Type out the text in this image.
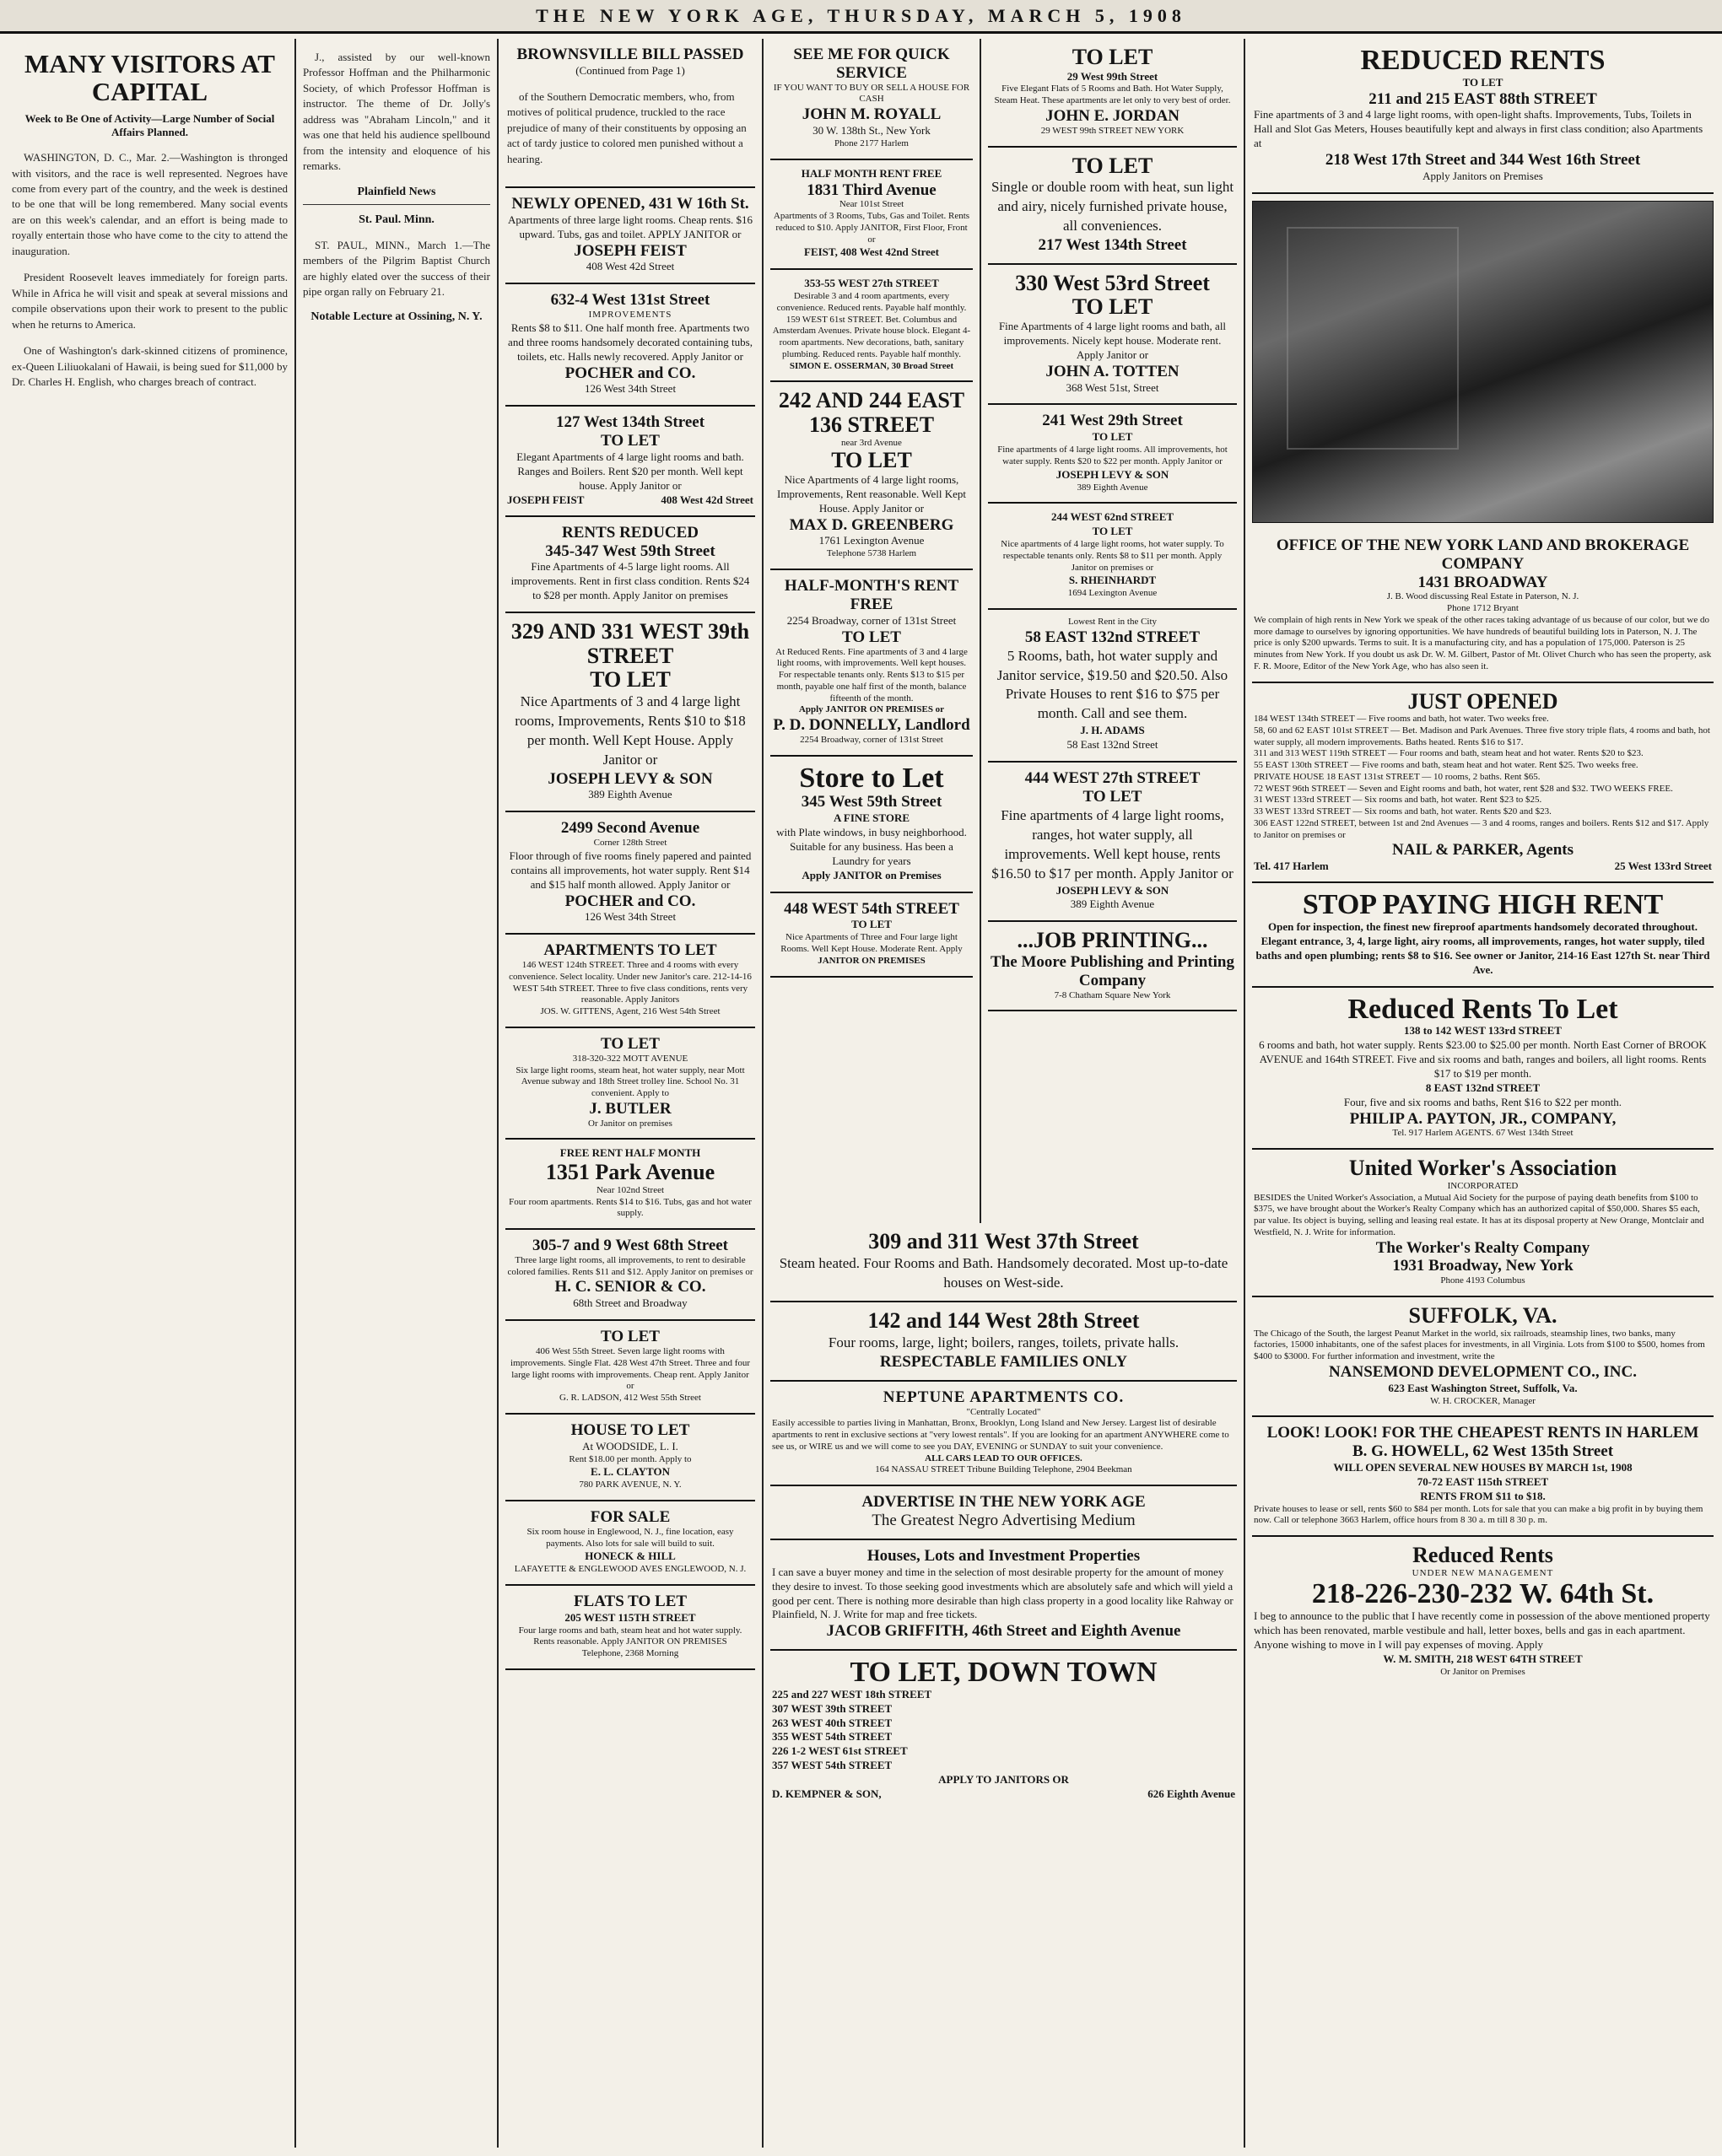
THE NEW YORK AGE, THURSDAY, MARCH 5, 1908
MANY VISITORS AT CAPITAL
Week to Be One of Activity—Large Number of Social Affairs Planned.

WASHINGTON, D. C., Mar. 2.—Washington is thronged with visitors, and the race is well represented. Negroes have come from every part of the country, and the week is destined to be one that will be long remembered. Many social events are on this week's calendar, and an effort is being made to royally entertain those who have come to the city to attend the inauguration.

President Roosevelt leaves immediately for foreign parts. While in Africa he will visit and speak at several missions and compile observations upon their work to present to the public when he returns to America.

One of Washington's dark-skinned citizens of prominence, ex-Queen Liliuokalani of Hawaii, is being sued for $11,000 by Dr. Charles H. English, who charges breach of contract.

J., assisted by our well-known Professor Hoffman and the Philharmonic Society, of which Professor Hoffman is instructor. The theme of Dr. Jolly's address was "Abraham Lincoln," and it was one that held his audience spellbound from the intensity and eloquence of his remarks.

Plainfield News
St. Paul. Minn.

ST. PAUL, MINN., March 1.—The members of the Pilgrim Baptist Church are highly elated over the success of their pipe organ rally on February 21.

Notable Lecture at Ossining, N. Y.
BROWNSVILLE BILL PASSED
(Continued from Page 1)

of the Southern Democratic members, who, from motives of political prudence, truckled to the race prejudice of many of their constituents by opposing an act of tardy justice to colored men punished without a hearing.

NEWLY OPENED, 431 W 16th St.
Apartments of three large light rooms. Cheap rents. $16 upward. Tubs, gas and toilet. APPLY JANITOR or
JOSEPH FEIST
408 West 42d Street
632-4 West 131st Street
IMPROVEMENTS
Rents $8 to $11. One half month free. Apartments two and three rooms handsomely decorated containing tubs, toilets, etc. Halls newly recovered. Apply Janitor or
POCHER and CO.
126 West 34th Street
127 West 134th Street
TO LET
Elegant Apartments of 4 large light rooms and bath. Ranges and Boilers. Rent $20 per month. Well kept house. Apply Janitor or
JOSEPH FEIST	408 West 42d Street
RENTS REDUCED
345-347 West 59th Street
Fine Apartments of 4-5 large light rooms. All improvements. Rent in first class condition. Rents $24 to $28 per month. Apply Janitor on premises
329 AND 331 WEST 39th STREET
TO LET
Nice Apartments of 3 and 4 large light rooms, Improvements, Rents $10 to $18 per month. Well Kept House. Apply Janitor or
JOSEPH LEVY & SON
389 Eighth Avenue
2499 Second Avenue
Corner 128th Street
Floor through of five rooms finely papered and painted contains all improvements, hot water supply. Rent $14 and $15 half month allowed. Apply Janitor or
POCHER and CO.
126 West 34th Street
APARTMENTS TO LET
146 WEST 124th STREET. Three and 4 rooms with every convenience. Select locality. Under new Janitor's care. 212-14-16 WEST 54th STREET. Three to five class conditions, rents very reasonable. Apply Janitors
JOS. W. GITTENS, Agent, 216 West 54th Street
TO LET
318-320-322 MOTT AVENUE
Six large light rooms, steam heat, hot water supply, near Mott Avenue subway and 18th Street trolley line. School No. 31 convenient. Apply to
J. BUTLER
Or Janitor on premises
FREE RENT HALF MONTH
1351 Park Avenue
Near 102nd Street
Four room apartments. Rents $14 to $16. Tubs, gas and hot water supply.
305-7 and 9 West 68th Street
Three large light rooms, all improvements, to rent to desirable colored families. Rents $11 and $12. Apply Janitor on premises or
H. C. SENIOR & CO.
68th Street and Broadway
TO LET
406 West 55th Street. Seven large light rooms with improvements. Single Flat. 428 West 47th Street. Three and four large light rooms with improvements. Cheap rent. Apply Janitor or
G. R. LADSON, 412 West 55th Street
HOUSE TO LET
At WOODSIDE, L. I.
Rent $18.00 per month. Apply to
E. L. CLAYTON
780 PARK AVENUE, N. Y.
FOR SALE
Six room house in Englewood, N. J., fine location, easy payments. Also lots for sale will build to suit.
HONECK & HILL
LAFAYETTE & ENGLEWOOD AVES ENGLEWOOD, N. J.
FLATS TO LET
205 WEST 115TH STREET
Four large rooms and bath, steam heat and hot water supply. Rents reasonable. Apply JANITOR ON PREMISES
Telephone, 2368 Morning
SEE ME FOR QUICK SERVICE
IF YOU WANT TO BUY OR SELL A HOUSE FOR CASH
JOHN M. ROYALL
30 W. 138th St., New York
Phone 2177 Harlem
HALF MONTH RENT FREE
1831 Third Avenue
Near 101st Street
Apartments of 3 Rooms, Tubs, Gas and Toilet. Rents reduced to $10. Apply JANITOR, First Floor, Front or
FEIST, 408 West 42nd Street
353-55 WEST 27th STREET
Desirable 3 and 4 room apartments, every convenience. Reduced rents. Payable half monthly. 159 WEST 61st STREET. Bet. Columbus and Amsterdam Avenues. Private house block. Elegant 4-room apartments. New decorations, bath, sanitary plumbing. Reduced rents. Payable half monthly.
SIMON E. OSSERMAN, 30 Broad Street
242 AND 244 EAST 136 STREET
near 3rd Avenue
TO LET
Nice Apartments of 4 large light rooms, Improvements, Rent reasonable. Well Kept House. Apply Janitor or
MAX D. GREENBERG
1761 Lexington Avenue
Telephone 5738 Harlem
HALF-MONTH'S RENT FREE
2254 Broadway, corner of 131st Street
TO LET
At Reduced Rents. Fine apartments of 3 and 4 large light rooms, with improvements. Well kept houses. For respectable tenants only. Rents $13 to $15 per month, payable one half first of the month, balance fifteenth of the month.
Apply JANITOR ON PREMISES or
P. D. DONNELLY, Landlord
2254 Broadway, corner of 131st Street
Store to Let
345 West 59th Street
A FINE STORE
with Plate windows, in busy neighborhood. Suitable for any business. Has been a Laundry for years
Apply JANITOR on Premises
448 WEST 54th STREET
TO LET
Nice Apartments of Three and Four large light Rooms. Well Kept House. Moderate Rent. Apply
JANITOR ON PREMISES
TO LET
29 West 99th Street
Five Elegant Flats of 5 Rooms and Bath. Hot Water Supply, Steam Heat. These apartments are let only to very best of order.
JOHN E. JORDAN
29 WEST 99th STREET NEW YORK
TO LET
Single or double room with heat, sun light and airy, nicely furnished private house, all conveniences.
217 West 134th Street
330 West 53rd Street
TO LET
Fine Apartments of 4 large light rooms and bath, all improvements. Nicely kept house. Moderate rent. Apply Janitor or
JOHN A. TOTTEN
368 West 51st, Street
241 West 29th Street
TO LET
Fine apartments of 4 large light rooms. All improvements, hot water supply. Rents $20 to $22 per month. Apply Janitor or
JOSEPH LEVY & SON
389 Eighth Avenue
244 WEST 62nd STREET
TO LET
Nice apartments of 4 large light rooms, hot water supply. To respectable tenants only. Rents $8 to $11 per month. Apply Janitor on premises or
S. RHEINHARDT
1694 Lexington Avenue
Lowest Rent in the City
58 EAST 132nd STREET
5 Rooms, bath, hot water supply and Janitor service, $19.50 and $20.50. Also Private Houses to rent $16 to $75 per month. Call and see them.
J. H. ADAMS
58 East 132nd Street
444 WEST 27th STREET
TO LET
Fine apartments of 4 large light rooms, ranges, hot water supply, all improvements. Well kept house, rents $16.50 to $17 per month. Apply Janitor or
JOSEPH LEVY & SON
389 Eighth Avenue
...JOB PRINTING...
The Moore Publishing and Printing Company
7-8 Chatham Square New York
309 and 311 West 37th Street
Steam heated. Four Rooms and Bath. Handsomely decorated. Most up-to-date houses on West-side.
142 and 144 West 28th Street
Four rooms, large, light; boilers, ranges, toilets, private halls.
RESPECTABLE FAMILIES ONLY
NEPTUNE APARTMENTS CO.
"Centrally Located"
Easily accessible to parties living in Manhattan, Bronx, Brooklyn, Long Island and New Jersey. Largest list of desirable apartments to rent in exclusive sections at "very lowest rentals". If you are looking for an apartment ANYWHERE come to see us, or WIRE us and we will come to see you DAY, EVENING or SUNDAY to suit your convenience.
ALL CARS LEAD TO OUR OFFICES.
164 NASSAU STREET Tribune Building Telephone, 2904 Beekman
ADVERTISE IN THE NEW YORK AGE
The Greatest Negro Advertising Medium
Houses, Lots and Investment Properties
I can save a buyer money and time in the selection of most desirable property for the amount of money they desire to invest. To those seeking good investments which are absolutely safe and which will yield a good per cent. There is nothing more desirable than high class property in a good locality like Rahway or Plainfield, N. J. Write for map and free tickets.
JACOB GRIFFITH, 46th Street and Eighth Avenue
TO LET, DOWN TOWN
225 and 227 WEST 18th STREET
307 WEST 39th STREET
263 WEST 40th STREET
355 WEST 54th STREET
226 1-2 WEST 61st STREET
357 WEST 54th STREET
APPLY TO JANITORS OR
D. KEMPNER & SON,	626 Eighth Avenue
REDUCED RENTS
TO LET
211 and 215 EAST 88th STREET
Fine apartments of 3 and 4 large light rooms, with open-light shafts. Improvements, Tubs, Toilets in Hall and Slot Gas Meters, Houses beautifully kept and always in first class condition; also Apartments at
218 West 17th Street and 344 West 16th Street
Apply Janitors on Premises
OFFICE OF THE NEW YORK LAND AND BROKERAGE COMPANY
1431 BROADWAY
J. B. Wood discussing Real Estate in Paterson, N. J.
Phone 1712 Bryant
We complain of high rents in New York we speak of the other races taking advantage of us because of our color, but we do more damage to ourselves by ignoring opportunities. We have hundreds of beautiful building lots in Paterson, N. J. The price is only $200 upwards. Terms to suit. It is a manufacturing city, and has a population of 175,000. Paterson is 25 minutes from New York. If you doubt us ask Dr. W. M. Gilbert, Pastor of Mt. Olivet Church who has seen the property, ask F. R. Moore, Editor of the New York Age, who has also seen it.
JUST OPENED
184 WEST 134th STREET — Five rooms and bath, hot water. Two weeks free.
58, 60 and 62 EAST 101st STREET — Bet. Madison and Park Avenues. Three five story triple flats, 4 rooms and bath, hot water supply, all modern improvements. Baths heated. Rents $16 to $17.
311 and 313 WEST 119th STREET — Four rooms and bath, steam heat and hot water. Rents $20 to $23.
55 EAST 130th STREET — Five rooms and bath, steam heat and hot water. Rent $25. Two weeks free.
PRIVATE HOUSE 18 EAST 131st STREET — 10 rooms, 2 baths. Rent $65.
72 WEST 96th STREET — Seven and Eight rooms and bath, hot water, rent $28 and $32. TWO WEEKS FREE.
31 WEST 133rd STREET — Six rooms and bath, hot water. Rent $23 to $25.
33 WEST 133rd STREET — Six rooms and bath, hot water. Rents $20 and $23.
306 EAST 122nd STREET, between 1st and 2nd Avenues — 3 and 4 rooms, ranges and boilers. Rents $12 and $17. Apply to Janitor on premises or
NAIL & PARKER, Agents
Tel. 417 Harlem	25 West 133rd Street
STOP PAYING HIGH RENT
Open for inspection, the finest new fireproof apartments handsomely decorated throughout. Elegant entrance, 3, 4, large light, airy rooms, all improvements, ranges, hot water supply, tiled baths and open plumbing; rents $8 to $16. See owner or Janitor, 214-16 East 127th St. near Third Ave.
Reduced Rents To Let
138 to 142 WEST 133rd STREET
6 rooms and bath, hot water supply. Rents $23.00 to $25.00 per month. North East Corner of BROOK AVENUE and 164th STREET. Five and six rooms and bath, ranges and boilers, all light rooms. Rents $17 to $19 per month.
8 EAST 132nd STREET
Four, five and six rooms and baths, Rent $16 to $22 per month.
PHILIP A. PAYTON, JR., COMPANY,
Tel. 917 Harlem AGENTS. 67 West 134th Street
United Worker's Association
INCORPORATED
BESIDES the United Worker's Association, a Mutual Aid Society for the purpose of paying death benefits from $100 to $375, we have brought about the Worker's Realty Company which has an authorized capital of $50,000. Shares $5 each, par value. Its object is buying, selling and leasing real estate. It has at its disposal property at New Orange, Montclair and Westfield, N. J. Write for information.
The Worker's Realty Company
1931 Broadway, New York
Phone 4193 Columbus
SUFFOLK, VA.
The Chicago of the South, the largest Peanut Market in the world, six railroads, steamship lines, two banks, many factories, 15000 inhabitants, one of the safest places for investments, in all Virginia. Lots from $100 to $500, homes from $400 to $3000. For further information and investment, write the
NANSEMOND DEVELOPMENT CO., INC.
623 East Washington Street, Suffolk, Va.
W. H. CROCKER, Manager
LOOK! LOOK! FOR THE CHEAPEST RENTS IN HARLEM
B. G. HOWELL, 62 West 135th Street
WILL OPEN SEVERAL NEW HOUSES BY MARCH 1st, 1908
70-72 EAST 115th STREET
RENTS FROM $11 to $18.
Private houses to lease or sell, rents $60 to $84 per month. Lots for sale that you can make a big profit in by buying them now. Call or telephone 3663 Harlem, office hours from 8 30 a. m till 8 30 p. m.
Reduced Rents
UNDER NEW MANAGEMENT
218-226-230-232 W. 64th St.
I beg to announce to the public that I have recently come in possession of the above mentioned property which has been renovated, marble vestibule and hall, letter boxes, bells and gas in each apartment. Anyone wishing to move in I will pay expenses of moving. Apply
W. M. SMITH, 218 WEST 64TH STREET
Or Janitor on Premises
